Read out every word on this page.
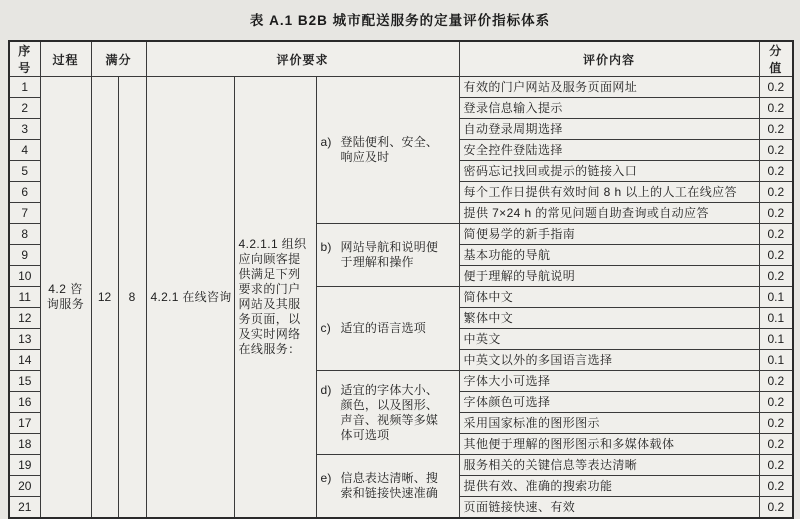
表 A.1 B2B 城市配送服务的定量评价指标体系
序号	过程	满分		评价要求			评价内容	分值
1	4.2 咨询服务	12	8	4.2.1 在线咨询	4.2.1.1 组织应向顾客提供满足下列要求的门户网站及其服务页面，以及实时网络在线服务：	a) 登陆便利、安全、响应及时	有效的门户网站及服务页面网址	0.2
2							登录信息输入提示	0.2
3							自动登录周期选择	0.2
4							安全控件登陆选择	0.2
5							密码忘记找回或提示的链接入口	0.2
6							每个工作日提供有效时间 8 h 以上的人工在线应答	0.2
7							提供 7×24 h 的常见问题自助查询或自动应答	0.2
8						b) 网站导航和说明便于理解和操作	简便易学的新手指南	0.2
9							基本功能的导航	0.2
10							便于理解的导航说明	0.2
11						c) 适宜的语言选项	简体中文	0.1
12							繁体中文	0.1
13							中英文	0.1
14							中英文以外的多国语言选择	0.1
15						d) 适宜的字体大小、颜色，以及图形、声音、视频等多媒体可选项	字体大小可选择	0.2
16							字体颜色可选择	0.2
17							采用国家标准的图形图示	0.2
18							其他便于理解的图形图示和多媒体载体	0.2
19						e) 信息表达清晰、搜索和链接快速准确	服务相关的关键信息等表达清晰	0.2
20							提供有效、准确的搜索功能	0.2
21							页面链接快速、有效	0.2
